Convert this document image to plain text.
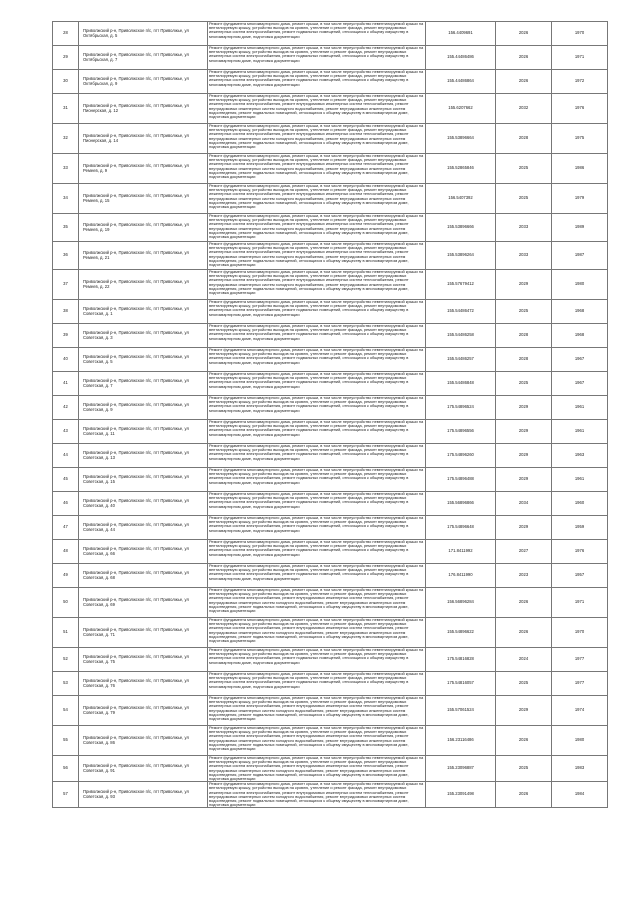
28	Приволжский р-н, Приволжское п/с, пгт Приволжье, ул Октябрьская, д. 5	Ремонт фундамента многоквартирного дома, ремонт крыши, в том числе переустройство невентилируемой крыши на вентилируемую крышу, устройство выходов на кровлю, утепление и ремонт фасада, ремонт внутридомовых инженерных систем электроснабжения, ремонт подвальных помещений, относящихся к общему имуществу в многоквартирном доме, подготовка документации	156.4409691	2026	1970
29	Приволжский р-н, Приволжское п/с, пгт Приволжье, ул Октябрьская, д. 7	Ремонт фундамента многоквартирного дома, ремонт крыши, в том числе переустройство невентилируемой крыши на вентилируемую крышу, устройство выходов на кровлю, утепление и ремонт фасада, ремонт внутридомовых инженерных систем электроснабжения, ремонт подвальных помещений, относящихся к общему имуществу в многоквартирном доме, подготовка документации	155.44486486	2026	1971
30	Приволжский р-н, Приволжское п/с, пгт Приволжье, ул Октябрьская, д. 9	Ремонт фундамента многоквартирного дома, ремонт крыши, в том числе переустройство невентилируемой крыши на вентилируемую крышу, устройство выходов на кровлю, утепление и ремонт фасада, ремонт внутридомовых инженерных систем электроснабжения, ремонт подвальных помещений, относящихся к общему имуществу в многоквартирном доме, подготовка документации	155.44486864	2026	1972
31	Приволжский р-н, Приволжское п/с, пгт Приволжье, ул Пионерская, д. 12	Ремонт фундамента многоквартирного дома, ремонт крыши, в том числе переустройство невентилируемой крыши на вентилируемую крышу, устройство выходов на кровлю, утепление и ремонт фасада, ремонт внутридомовых инженерных систем электроснабжения, ремонт внутридомовых инженерных систем теплоснабжения, ремонт внутридомовых инженерных систем холодного водоснабжения, ремонт внутридомовых инженерных систем водоотведения, ремонт подвальных помещений, относящихся к общему имуществу в многоквартирном доме, подготовка документации	155.6207662	2032	1976
32	Приволжский р-н, Приволжское п/с, пгт Приволжье, ул Пионерская, д. 14	Ремонт фундамента многоквартирного дома, ремонт крыши, в том числе переустройство невентилируемой крыши на вентилируемую крышу, устройство выходов на кровлю, утепление и ремонт фасада, ремонт внутридомовых инженерных систем электроснабжения, ремонт внутридомовых инженерных систем теплоснабжения, ремонт внутридомовых инженерных систем холодного водоснабжения, ремонт внутридомовых инженерных систем водоотведения, ремонт подвальных помещений, относящихся к общему имуществу в многоквартирном доме, подготовка документации	155.53896664	2028	1975
33	Приволжский р-н, Приволжское п/с, пгт Приволжье, ул Ремеев, д. 9	Ремонт фундамента многоквартирного дома, ремонт крыши, в том числе переустройство невентилируемой крыши на вентилируемую крышу, устройство выходов на кровлю, утепление и ремонт фасада, ремонт внутридомовых инженерных систем электроснабжения, ремонт внутридомовых инженерных систем теплоснабжения, ремонт внутридомовых инженерных систем холодного водоснабжения, ремонт внутридомовых инженерных систем водоотведения, ремонт подвальных помещений, относящихся к общему имуществу в многоквартирном доме, подготовка документации	155.52865846	2025	1986
34	Приволжский р-н, Приволжское п/с, пгт Приволжье, ул Ремеев, д. 15	Ремонт фундамента многоквартирного дома, ремонт крыши, в том числе переустройство невентилируемой крыши на вентилируемую крышу, устройство выходов на кровлю, утепление и ремонт фасада, ремонт внутридомовых инженерных систем электроснабжения, ремонт внутридомовых инженерных систем теплоснабжения, ремонт внутридомовых инженерных систем холодного водоснабжения, ремонт внутридомовых инженерных систем водоотведения, ремонт подвальных помещений, относящихся к общему имуществу в многоквартирном доме, подготовка документации	156.5407392	2025	1979
35	Приволжский р-н, Приволжское п/с, пгт Приволжье, ул Ремеев, д. 19	Ремонт фундамента многоквартирного дома, ремонт крыши, в том числе переустройство невентилируемой крыши на вентилируемую крышу, устройство выходов на кровлю, утепление и ремонт фасада, ремонт внутридомовых инженерных систем электроснабжения, ремонт внутридомовых инженерных систем теплоснабжения, ремонт внутридомовых инженерных систем холодного водоснабжения, ремонт внутридомовых инженерных систем водоотведения, ремонт подвальных помещений, относящихся к общему имуществу в многоквартирном доме, подготовка документации	155.53896666	2033	1989
36	Приволжский р-н, Приволжское п/с, пгт Приволжье, ул Ремеев, д. 21	Ремонт фундамента многоквартирного дома, ремонт крыши, в том числе переустройство невентилируемой крыши на вентилируемую крышу, устройство выходов на кровлю, утепление и ремонт фасада, ремонт внутридомовых инженерных систем электроснабжения, ремонт внутридомовых инженерных систем теплоснабжения, ремонт внутридомовых инженерных систем холодного водоснабжения, ремонт внутридомовых инженерных систем водоотведения, ремонт подвальных помещений, относящихся к общему имуществу в многоквартирном доме, подготовка документации	155.53896264	2033	1987
37	Приволжский р-н, Приволжское п/с, пгт Приволжье, ул Ремеев, д. 22	Ремонт фундамента многоквартирного дома, ремонт крыши, в том числе переустройство невентилируемой крыши на вентилируемую крышу, устройство выходов на кровлю, утепление и ремонт фасада, ремонт внутридомовых инженерных систем электроснабжения, ремонт внутридомовых инженерных систем теплоснабжения, ремонт внутридомовых инженерных систем холодного водоснабжения, ремонт внутридомовых инженерных систем водоотведения, ремонт подвальных помещений, относящихся к общему имуществу в многоквартирном доме, подготовка документации	155.57679412	2029	1980
38	Приволжский р-н, Приволжское п/с, пгт Приволжье, ул Советская, д. 1	Ремонт фундамента многоквартирного дома, ремонт крыши, в том числе переустройство невентилируемой крыши на вентилируемую крышу, устройство выходов на кровлю, утепление и ремонт фасада, ремонт внутридомовых инженерных систем электроснабжения, ремонт подвальных помещений, относящихся к общему имуществу в многоквартирном доме, подготовка документации	155.54486472	2025	1968
39	Приволжский р-н, Приволжское п/с, пгт Приволжье, ул Советская, д. 3	Ремонт фундамента многоквартирного дома, ремонт крыши, в том числе переустройство невентилируемой крыши на вентилируемую крышу, устройство выходов на кровлю, утепление и ремонт фасада, ремонт внутридомовых инженерных систем электроснабжения, ремонт подвальных помещений, относящихся к общему имуществу в многоквартирном доме, подготовка документации	155.54486258	2028	1968
40	Приволжский р-н, Приволжское п/с, пгт Приволжье, ул Советская, д. 5	Ремонт фундамента многоквартирного дома, ремонт крыши, в том числе переустройство невентилируемой крыши на вентилируемую крышу, устройство выходов на кровлю, утепление и ремонт фасада, ремонт внутридомовых инженерных систем электроснабжения, ремонт подвальных помещений, относящихся к общему имуществу в многоквартирном доме, подготовка документации	155.54486257	2028	1967
41	Приволжский р-н, Приволжское п/с, пгт Приволжье, ул Советская, д. 7	Ремонт фундамента многоквартирного дома, ремонт крыши, в том числе переустройство невентилируемой крыши на вентилируемую крышу, устройство выходов на кровлю, утепление и ремонт фасада, ремонт внутридомовых инженерных систем электроснабжения, ремонт подвальных помещений, относящихся к общему имуществу в многоквартирном доме, подготовка документации	155.54486848	2025	1967
42	Приволжский р-н, Приволжское п/с, пгт Приволжье, ул Советская, д. 9	Ремонт фундамента многоквартирного дома, ремонт крыши, в том числе переустройство невентилируемой крыши на вентилируемую крышу, устройство выходов на кровлю, утепление и ремонт фасада, ремонт внутридомовых инженерных систем электроснабжения, ремонт подвальных помещений, относящихся к общему имуществу в многоквартирном доме, подготовка документации	175.54896524	2029	1961
43	Приволжский р-н, Приволжское п/с, пгт Приволжье, ул Советская, д. 11	Ремонт фундамента многоквартирного дома, ремонт крыши, в том числе переустройство невентилируемой крыши на вентилируемую крышу, устройство выходов на кровлю, утепление и ремонт фасада, ремонт внутридомовых инженерных систем электроснабжения, ремонт подвальных помещений, относящихся к общему имуществу в многоквартирном доме, подготовка документации	175.54896556	2029	1961
44	Приволжский р-н, Приволжское п/с, пгт Приволжье, ул Советская, д. 13	Ремонт фундамента многоквартирного дома, ремонт крыши, в том числе переустройство невентилируемой крыши на вентилируемую крышу, устройство выходов на кровлю, утепление и ремонт фасада, ремонт внутридомовых инженерных систем электроснабжения, ремонт подвальных помещений, относящихся к общему имуществу в многоквартирном доме, подготовка документации	175.54896260	2029	1963
45	Приволжский р-н, Приволжское п/с, пгт Приволжье, ул Советская, д. 15	Ремонт фундамента многоквартирного дома, ремонт крыши, в том числе переустройство невентилируемой крыши на вентилируемую крышу, устройство выходов на кровлю, утепление и ремонт фасада, ремонт внутридомовых инженерных систем электроснабжения, ремонт подвальных помещений, относящихся к общему имуществу в многоквартирном доме, подготовка документации	175.54896488	2029	1961
46	Приволжский р-н, Приволжское п/с, пгт Приволжье, ул Советская, д. 40	Ремонт фундамента многоквартирного дома, ремонт крыши, в том числе переустройство невентилируемой крыши на вентилируемую крышу, устройство выходов на кровлю, утепление и ремонт фасада, ремонт внутридомовых инженерных систем электроснабжения, ремонт подвальных помещений, относящихся к общему имуществу в многоквартирном доме, подготовка документации	155.56896866	2034	1960
47	Приволжский р-н, Приволжское п/с, пгт Приволжье, ул Советская, д. 44	Ремонт фундамента многоквартирного дома, ремонт крыши, в том числе переустройство невентилируемой крыши на вентилируемую крышу, устройство выходов на кровлю, утепление и ремонт фасада, ремонт внутридомовых инженерных систем электроснабжения, ремонт подвальных помещений, относящихся к общему имуществу в многоквартирном доме, подготовка документации	175.54896648	2029	1959
48	Приволжский р-н, Приволжское п/с, пгт Приволжье, ул Советская, д. 66	Ремонт фундамента многоквартирного дома, ремонт крыши, в том числе переустройство невентилируемой крыши на вентилируемую крышу, устройство выходов на кровлю, утепление и ремонт фасада, ремонт внутридомовых инженерных систем электроснабжения, ремонт подвальных помещений, относящихся к общему имуществу в многоквартирном доме, подготовка документации	171.8411992	2027	1976
49	Приволжский р-н, Приволжское п/с, пгт Приволжье, ул Советская, д. 68	Ремонт фундамента многоквартирного дома, ремонт крыши, в том числе переустройство невентилируемой крыши на вентилируемую крышу, устройство выходов на кровлю, утепление и ремонт фасада, ремонт внутридомовых инженерных систем электроснабжения, ремонт подвальных помещений, относящихся к общему имуществу в многоквартирном доме, подготовка документации	176.8411990	2023	1957
50	Приволжский р-н, Приволжское п/с, пгт Приволжье, ул Советская, д. 69	Ремонт фундамента многоквартирного дома, ремонт крыши, в том числе переустройство невентилируемой крыши на вентилируемую крышу, устройство выходов на кровлю, утепление и ремонт фасада, ремонт внутридомовых инженерных систем электроснабжения, ремонт внутридомовых инженерных систем теплоснабжения, ремонт внутридомовых инженерных систем холодного водоснабжения, ремонт внутридомовых инженерных систем водоотведения, ремонт подвальных помещений, относящихся к общему имуществу в многоквартирном доме, подготовка документации	156.56896284	2026	1971
51	Приволжский р-н, Приволжское п/с, пгт Приволжье, ул Советская, д. 71	Ремонт фундамента многоквартирного дома, ремонт крыши, в том числе переустройство невентилируемой крыши на вентилируемую крышу, устройство выходов на кровлю, утепление и ремонт фасада, ремонт внутридомовых инженерных систем электроснабжения, ремонт внутридомовых инженерных систем теплоснабжения, ремонт внутридомовых инженерных систем холодного водоснабжения, ремонт внутридомовых инженерных систем водоотведения, ремонт подвальных помещений, относящихся к общему имуществу в многоквартирном доме, подготовка документации	155.54896622	2026	1970
52	Приволжский р-н, Приволжское п/с, пгт Приволжье, ул Советская, д. 75	Ремонт фундамента многоквартирного дома, ремонт крыши, в том числе переустройство невентилируемой крыши на вентилируемую крышу, устройство выходов на кровлю, утепление и ремонт фасада, ремонт внутридомовых инженерных систем электроснабжения, ремонт подвальных помещений, относящихся к общему имуществу в многоквартирном доме, подготовка документации	175.54816828	2024	1977
53	Приволжский р-н, Приволжское п/с, пгт Приволжье, ул Советская, д. 76	Ремонт фундамента многоквартирного дома, ремонт крыши, в том числе переустройство невентилируемой крыши на вентилируемую крышу, устройство выходов на кровлю, утепление и ремонт фасада, ремонт внутридомовых инженерных систем электроснабжения, ремонт подвальных помещений, относящихся к общему имуществу в многоквартирном доме, подготовка документации	175.54816057	2025	1977
54	Приволжский р-н, Приволжское п/с, пгт Приволжье, ул Советская, д. 79	Ремонт фундамента многоквартирного дома, ремонт крыши, в том числе переустройство невентилируемой крыши на вентилируемую крышу, устройство выходов на кровлю, утепление и ремонт фасада, ремонт внутридомовых инженерных систем электроснабжения, ремонт внутридомовых инженерных систем теплоснабжения, ремонт внутридомовых инженерных систем холодного водоснабжения, ремонт внутридомовых инженерных систем водоотведения, ремонт подвальных помещений, относящихся к общему имуществу в многоквартирном доме, подготовка документации	155.57061524	2029	1974
55	Приволжский р-н, Приволжское п/с, пгт Приволжье, ул Советская, д. 86	Ремонт фундамента многоквартирного дома, ремонт крыши, в том числе переустройство невентилируемой крыши на вентилируемую крышу, устройство выходов на кровлю, утепление и ремонт фасада, ремонт внутридомовых инженерных систем электроснабжения, ремонт внутридомовых инженерных систем теплоснабжения, ремонт внутридомовых инженерных систем холодного водоснабжения, ремонт внутридомовых инженерных систем водоотведения, ремонт подвальных помещений, относящихся к общему имуществу в многоквартирном доме, подготовка документации	156.23116486	2026	1980
56	Приволжский р-н, Приволжское п/с, пгт Приволжье, ул Советская, д. 91	Ремонт фундамента многоквартирного дома, ремонт крыши, в том числе переустройство невентилируемой крыши на вентилируемую крышу, устройство выходов на кровлю, утепление и ремонт фасада, ремонт внутридомовых инженерных систем электроснабжения, ремонт внутридомовых инженерных систем теплоснабжения, ремонт внутридомовых инженерных систем холодного водоснабжения, ремонт внутридомовых инженерных систем водоотведения, ремонт подвальных помещений, относящихся к общему имуществу в многоквартирном доме, подготовка документации	155.23096887	2025	1983
57	Приволжский р-н, Приволжское п/с, пгт Приволжье, ул Советская, д. 93	Ремонт фундамента многоквартирного дома, ремонт крыши, в том числе переустройство невентилируемой крыши на вентилируемую крышу, устройство выходов на кровлю, утепление и ремонт фасада, ремонт внутридомовых инженерных систем электроснабжения, ремонт внутридомовых инженерных систем теплоснабжения, ремонт внутридомовых инженерных систем холодного водоснабжения, ремонт внутридомовых инженерных систем водоотведения, ремонт подвальных помещений, относящихся к общему имуществу в многоквартирном доме, подготовка документации	155.23091498	2026	1984
